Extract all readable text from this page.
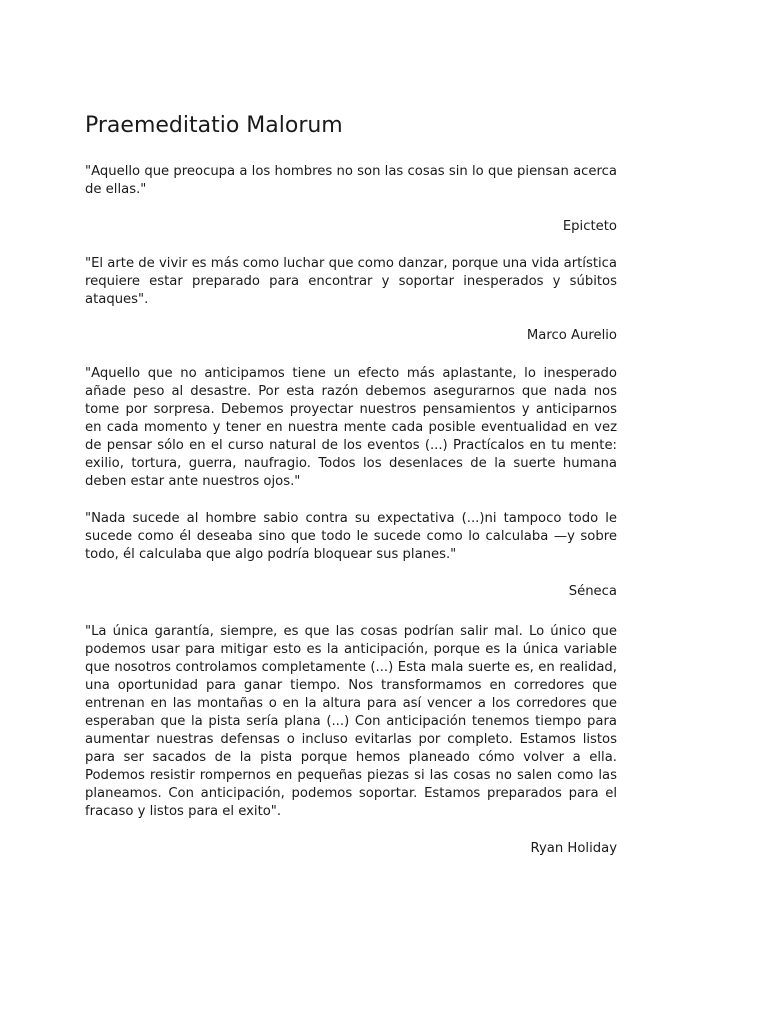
Praemeditatio Malorum

"Aquello que preocupa a los hombres no son las cosas sin lo que piensan acerca de ellas."

Epicteto

"El arte de vivir es más como luchar que como danzar, porque una vida artística requiere estar preparado para encontrar y soportar inesperados y súbitos ataques".

Marco Aurelio

"Aquello que no anticipamos tiene un efecto más aplastante, lo inesperado añade peso al desastre. Por esta razón debemos asegurarnos que nada nos tome por sorpresa. Debemos proyectar nuestros pensamientos y anticiparnos en cada momento y tener en nuestra mente cada posible eventualidad en vez de pensar sólo en el curso natural de los eventos (...) Practícalos en tu mente: exilio, tortura, guerra, naufragio. Todos los desenlaces de la suerte humana deben estar ante nuestros ojos."

"Nada sucede al hombre sabio contra su expectativa (...)ni tampoco todo le sucede como él deseaba sino que todo le sucede como lo calculaba —y sobre todo, él calculaba que algo podría bloquear sus planes."

Séneca

"La única garantía, siempre, es que las cosas podrían salir mal. Lo único que podemos usar para mitigar esto es la anticipación, porque es la única variable que nosotros controlamos completamente (...) Esta mala suerte es, en realidad, una oportunidad para ganar tiempo. Nos transformamos en corredores que entrenan en las montañas o en la altura para así vencer a los corredores que esperaban que la pista sería plana (...) Con anticipación tenemos tiempo para aumentar nuestras defensas o incluso evitarlas por completo. Estamos listos para ser sacados de la pista porque hemos planeado cómo volver a ella. Podemos resistir rompernos en pequeñas piezas si las cosas no salen como las planeamos. Con anticipación, podemos soportar. Estamos preparados para el fracaso y listos para el exito".

Ryan Holiday
